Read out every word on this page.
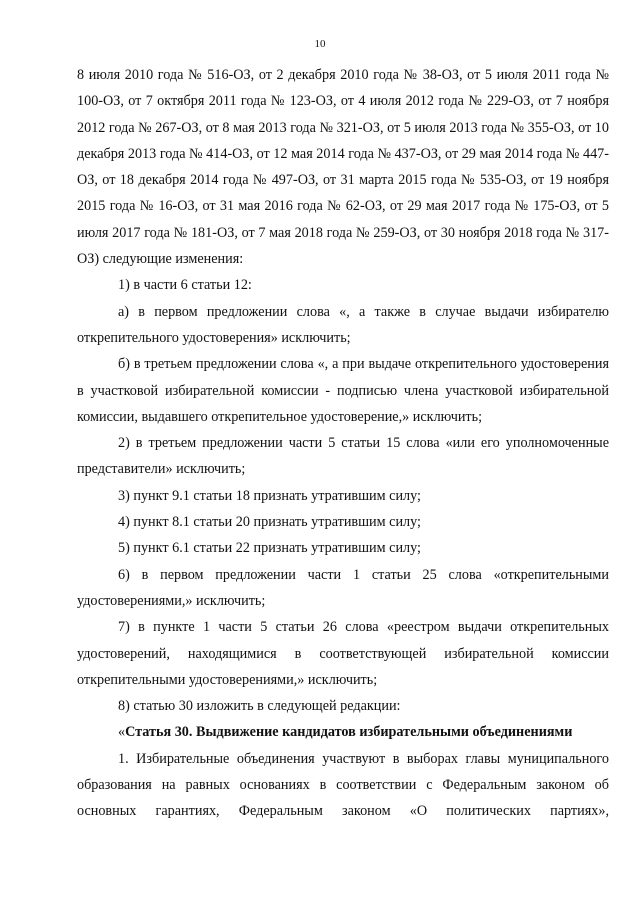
10

8 июля 2010 года № 516-ОЗ, от 2 декабря 2010 года № 38-ОЗ, от 5 июля 2011 года № 100-ОЗ, от 7 октября 2011 года № 123-ОЗ, от 4 июля 2012 года № 229-ОЗ, от 7 ноября 2012 года № 267-ОЗ, от 8 мая 2013 года № 321-ОЗ, от 5 июля 2013 года № 355-ОЗ, от 10 декабря 2013 года № 414-ОЗ, от 12 мая 2014 года № 437-ОЗ, от 29 мая 2014 года № 447-ОЗ, от 18 декабря 2014 года № 497-ОЗ, от 31 марта 2015 года № 535-ОЗ, от 19 ноября 2015 года № 16-ОЗ, от 31 мая 2016 года № 62-ОЗ, от 29 мая 2017 года № 175-ОЗ, от 5 июля 2017 года № 181-ОЗ, от 7 мая 2018 года № 259-ОЗ, от 30 ноября 2018 года № 317-ОЗ) следующие изменения:

1) в части 6 статьи 12:

а) в первом предложении слова «, а также в случае выдачи избирателю открепительного удостоверения» исключить;

б) в третьем предложении слова «, а при выдаче открепительного удостоверения в участковой избирательной комиссии - подписью члена участковой избирательной комиссии, выдавшего открепительное удостоверение,» исключить;

2) в третьем предложении части 5 статьи 15 слова «или его уполномоченные представители» исключить;

3) пункт 9.1 статьи 18 признать утратившим силу;

4) пункт 8.1 статьи 20 признать утратившим силу;

5) пункт 6.1 статьи 22 признать утратившим силу;

6) в первом предложении части 1 статьи 25 слова «открепительными удостоверениями,» исключить;

7) в пункте 1 части 5 статьи 26 слова «реестром выдачи открепительных удостоверений, находящимися в соответствующей избирательной комиссии открепительными удостоверениями,» исключить;

8) статью 30 изложить в следующей редакции:

«Статья 30. Выдвижение кандидатов избирательными объединениями

1. Избирательные объединения участвуют в выборах главы муниципального образования на равных основаниях в соответствии с Федеральным законом об основных гарантиях, Федеральным законом «О политических партиях»,
